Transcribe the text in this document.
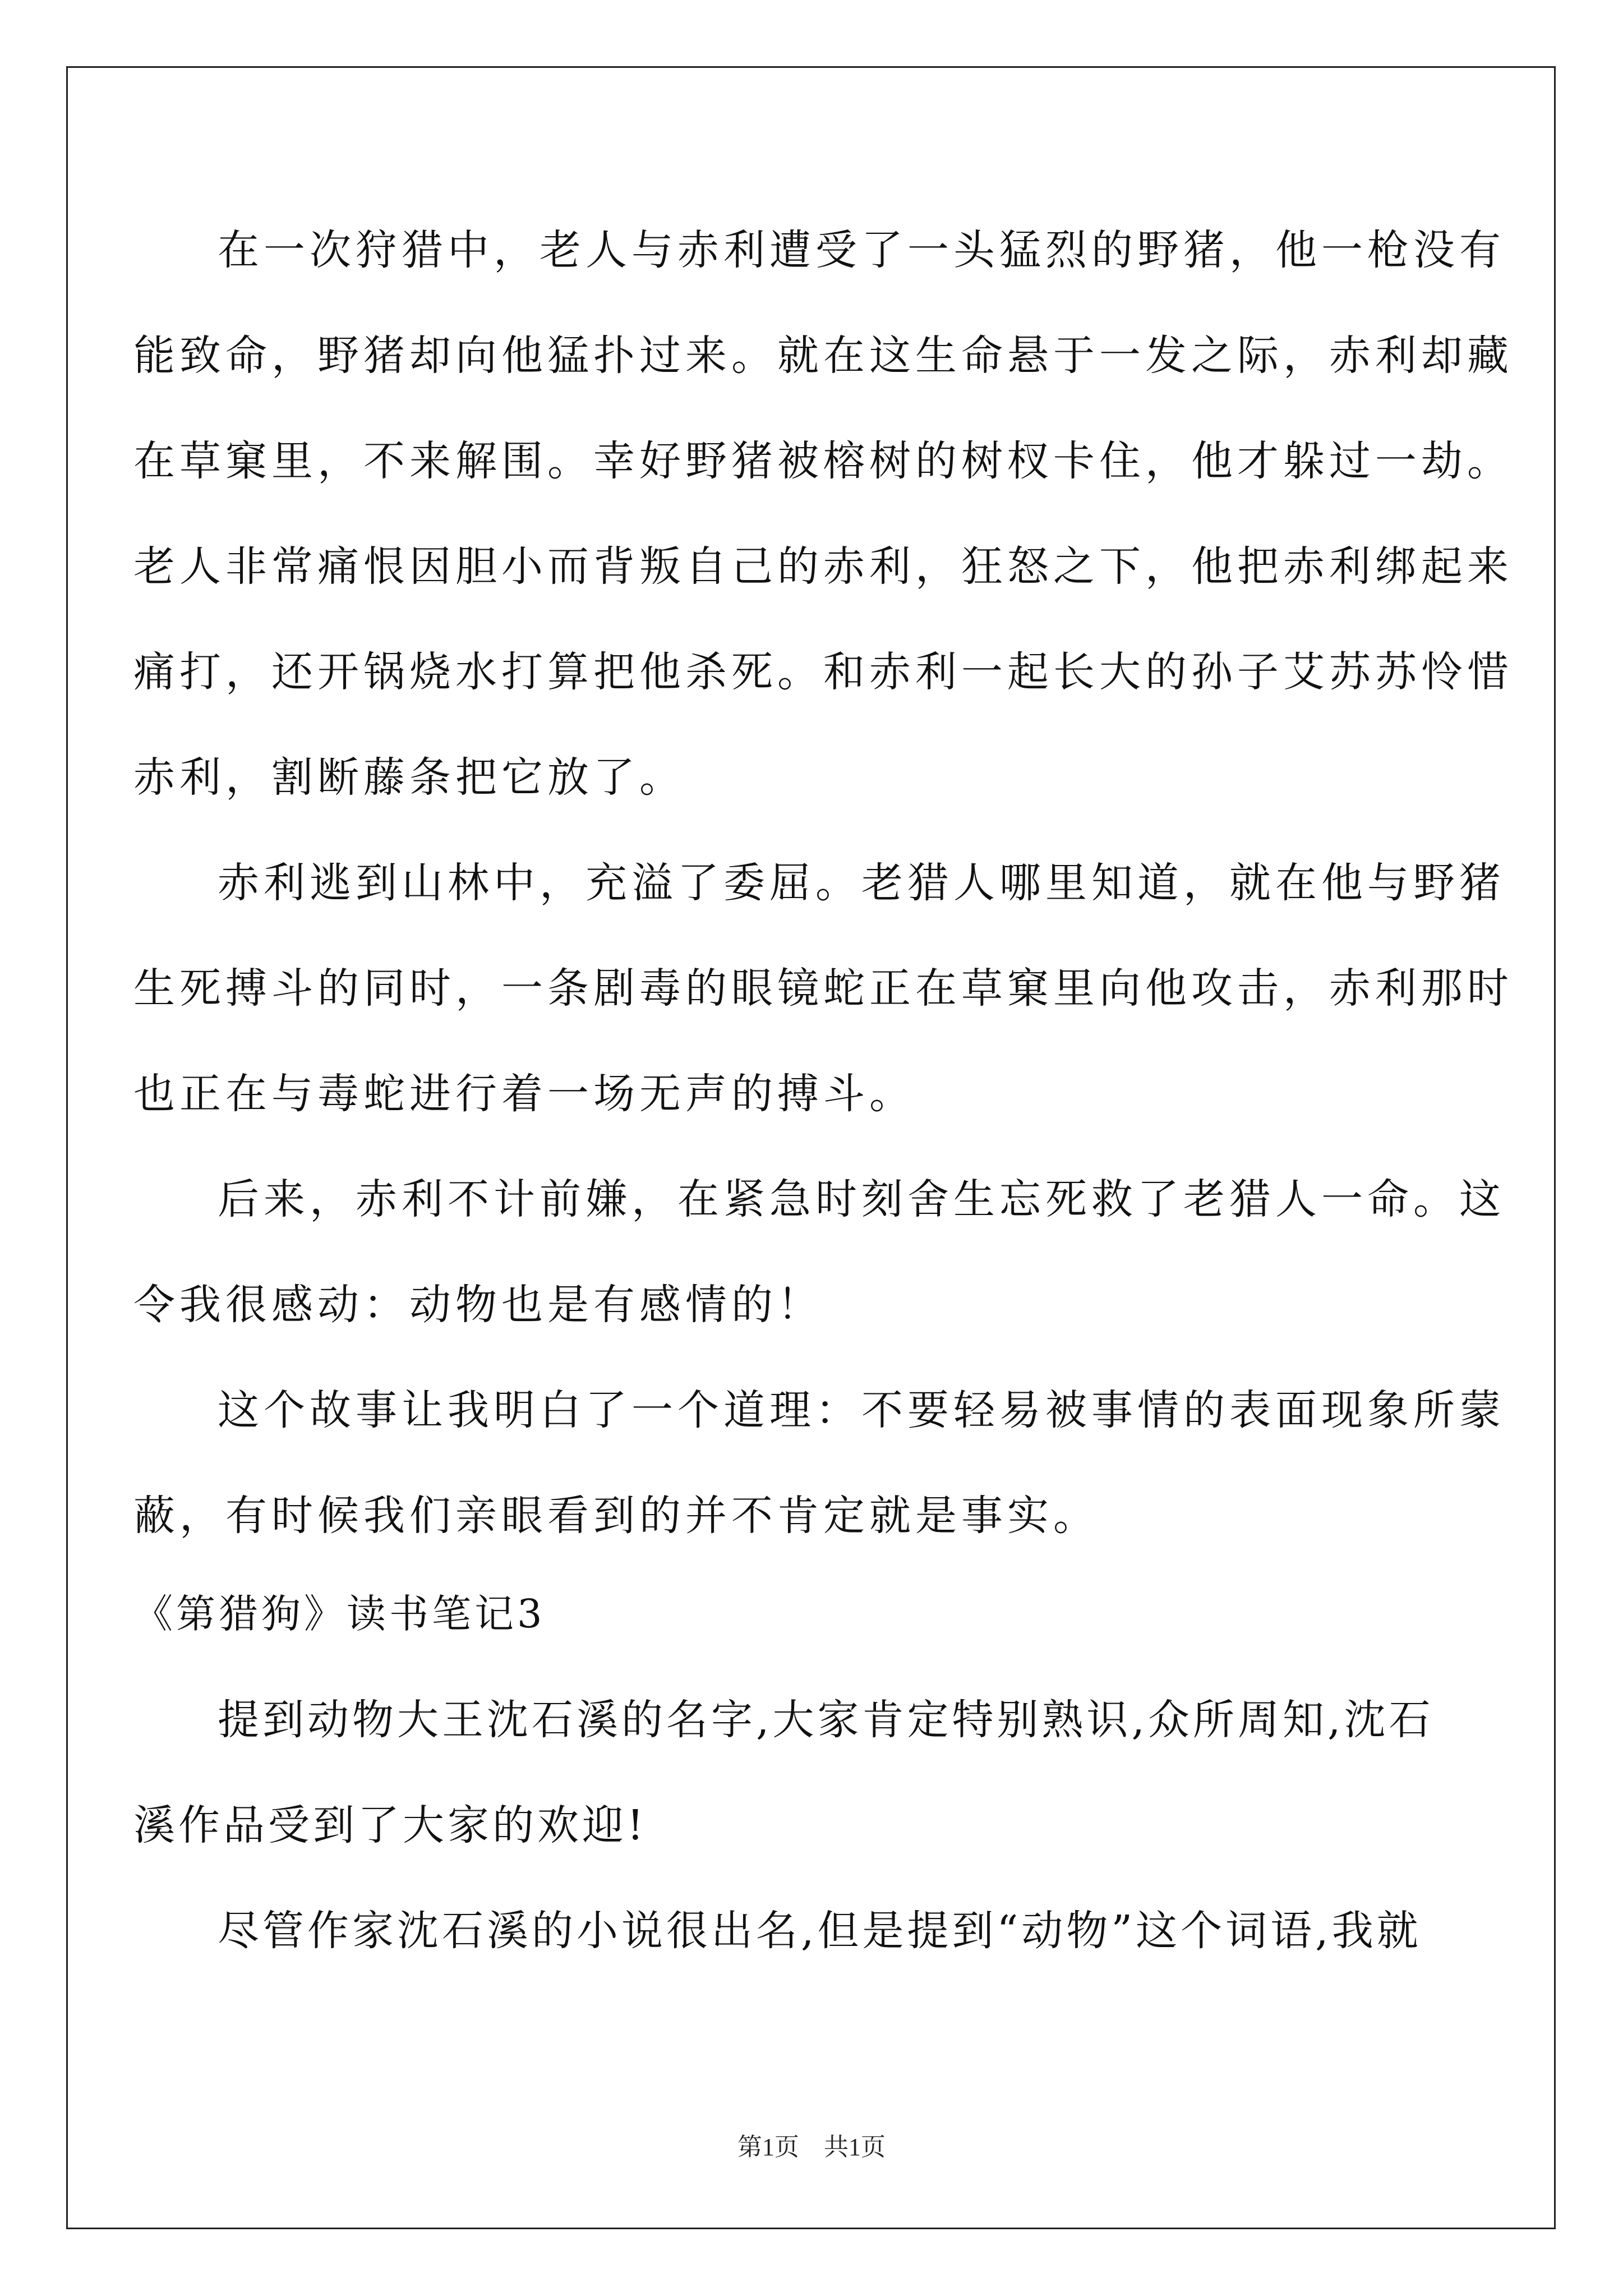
在一次狩猎中，老人与赤利遭受了一头猛烈的野猪，他一枪没有
能致命，野猪却向他猛扑过来。就在这生命悬于一发之际，赤利却藏
在草窠里，不来解围。幸好野猪被榕树的树杈卡住，他才躲过一劫。
老人非常痛恨因胆小而背叛自己的赤利，狂怒之下，他把赤利绑起来
痛打，还开锅烧水打算把他杀死。和赤利一起长大的孙子艾苏苏怜惜
赤利，割断藤条把它放了。
赤利逃到山林中，充溢了委屈。老猎人哪里知道，就在他与野猪
生死搏斗的同时，一条剧毒的眼镜蛇正在草窠里向他攻击，赤利那时
也正在与毒蛇进行着一场无声的搏斗。
后来，赤利不计前嫌，在紧急时刻舍生忘死救了老猎人一命。这
令我很感动：动物也是有感情的！
这个故事让我明白了一个道理：不要轻易被事情的表面现象所蒙
蔽，有时候我们亲眼看到的并不肯定就是事实。
《第猎狗》读书笔记3
提到动物大王沈石溪的名字,大家肯定特别熟识,众所周知,沈石
溪作品受到了大家的欢迎!
尽管作家沈石溪的小说很出名,但是提到“动物”这个词语,我就
第1页　共1页
